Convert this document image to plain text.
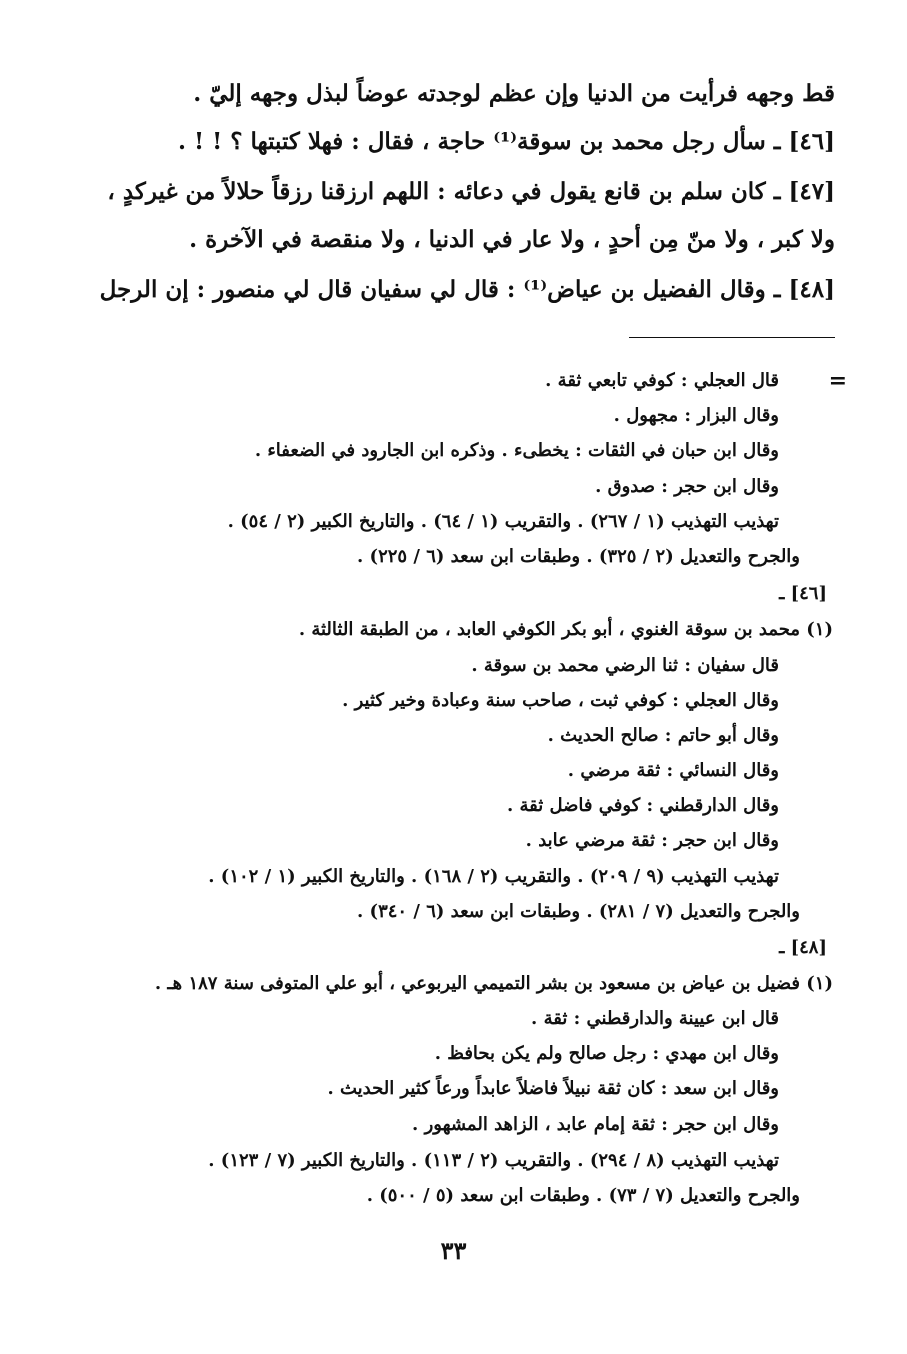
قط وجهه فرأيت من الدنيا وإن عظم لوجدته عوضاً لبذل وجهه إليّ .
[٤٦] ـ سأل رجل محمد بن سوقة⁽¹⁾ حاجة ، فقال : فهلا كتبتها ؟ ! ! .
[٤٧] ـ كان سلم بن قانع يقول في دعائه : اللهم ارزقنا رزقاً حلالاً من غيركدٍ ،
ولا كبر ، ولا منّ مِن أحدٍ ، ولا عار في الدنيا ، ولا منقصة في الآخرة .
[٤٨] ـ وقال الفضيل بن عياض⁽¹⁾ : قال لي سفيان قال لي منصور : إن الرجل
=
قال العجلي : كوفي تابعي ثقة .
وقال البزار : مجهول .
وقال ابن حبان في الثقات : يخطىء . وذكره ابن الجارود في الضعفاء .
وقال ابن حجر : صدوق .
تهذيب التهذيب (١ / ٢٦٧) . والتقريب (١ / ٦٤) . والتاريخ الكبير (٢ / ٥٤) .
والجرح والتعديل (٢ / ٣٢٥) . وطبقات ابن سعد (٦ / ٢٢٥) .
[٤٦] ـ
(١) محمد بن سوقة الغنوي ، أبو بكر الكوفي العابد ، من الطبقة الثالثة .
قال سفيان : ثنا الرضي محمد بن سوقة .
وقال العجلي : كوفي ثبت ، صاحب سنة وعبادة وخير كثير .
وقال أبو حاتم : صالح الحديث .
وقال النسائي : ثقة مرضي .
وقال الدارقطني : كوفي فاضل ثقة .
وقال ابن حجر : ثقة مرضي عابد .
تهذيب التهذيب (٩ / ٢٠٩) . والتقريب (٢ / ١٦٨) . والتاريخ الكبير (١ / ١٠٢) .
والجرح والتعديل (٧ / ٢٨١) . وطبقات ابن سعد (٦ / ٣٤٠) .
[٤٨] ـ
(١) فضيل بن عياض بن مسعود بن بشر التميمي اليربوعي ، أبو علي المتوفى سنة ١٨٧ هـ .
قال ابن عيينة والدارقطني : ثقة .
وقال ابن مهدي : رجل صالح ولم يكن بحافظ .
وقال ابن سعد : كان ثقة نبيلاً فاضلاً عابداً ورعاً كثير الحديث .
وقال ابن حجر : ثقة إمام عابد ، الزاهد المشهور .
تهذيب التهذيب (٨ / ٢٩٤) . والتقريب (٢ / ١١٣) . والتاريخ الكبير (٧ / ١٢٣) .
والجرح والتعديل (٧ / ٧٣) . وطبقات ابن سعد (٥ / ٥٠٠) .
٣٣
